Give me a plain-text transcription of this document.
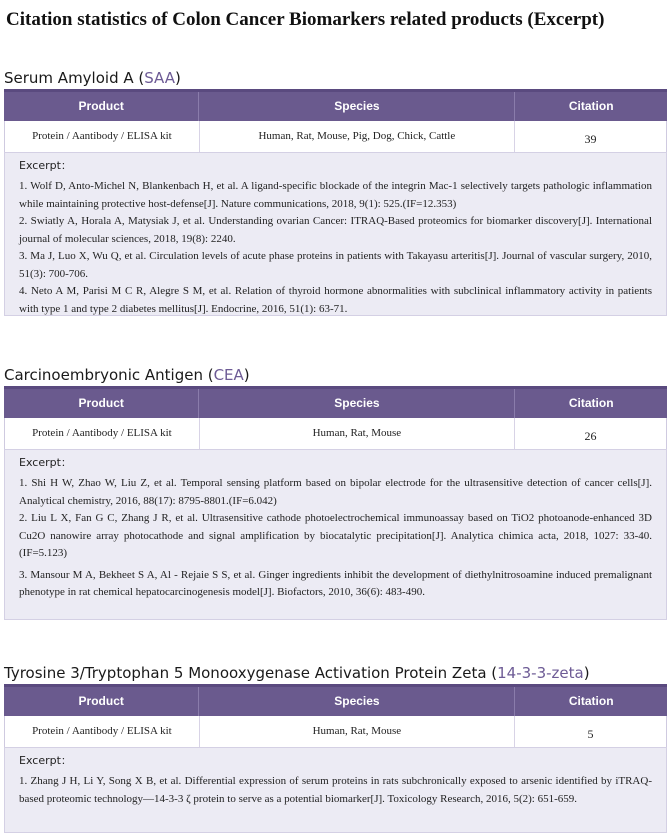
Citation statistics of Colon Cancer Biomarkers related products (Excerpt)
Serum Amyloid A (SAA)
Product	Species	Citation
Protein / Aantibody / ELISA kit	Human, Rat, Mouse, Pig, Dog, Chick, Cattle	39
Excerpt：

1. Wolf D, Anto-Michel N, Blankenbach H, et al. A ligand-specific blockade of the integrin Mac-1 selectively targets pathologic inflammation while maintaining protective host-defense[J]. Nature communications, 2018, 9(1): 525.(IF=12.353)

2. Swiatly A, Horala A, Matysiak J, et al. Understanding ovarian Cancer: ITRAQ-Based proteomics for biomarker discovery[J]. International journal of molecular sciences, 2018, 19(8): 2240.

3. Ma J, Luo X, Wu Q, et al. Circulation levels of acute phase proteins in patients with Takayasu arteritis[J]. Journal of vascular surgery, 2010, 51(3): 700-706.

4. Neto A M, Parisi M C R, Alegre S M, et al. Relation of thyroid hormone abnormalities with subclinical inflammatory activity in patients with type 1 and type 2 diabetes mellitus[J]. Endocrine, 2016, 51(1): 63-71.

Carcinoembryonic Antigen (CEA)
Product	Species	Citation
Protein / Aantibody / ELISA kit	Human, Rat, Mouse	26
Excerpt：

1. Shi H W, Zhao W, Liu Z, et al. Temporal sensing platform based on bipolar electrode for the ultrasensitive detection of cancer cells[J]. Analytical chemistry, 2016, 88(17): 8795-8801.(IF=6.042)

2. Liu L X, Fan G C, Zhang J R, et al. Ultrasensitive cathode photoelectrochemical immunoassay based on TiO2 photoanode-enhanced 3D Cu2O nanowire array photocathode and signal amplification by biocatalytic precipitation[J]. Analytica chimica acta, 2018, 1027: 33-40.(IF=5.123)

3. Mansour M A, Bekheet S A, Al ‑ Rejaie S S, et al. Ginger ingredients inhibit the development of diethylnitrosoamine induced premalignant phenotype in rat chemical hepatocarcinogenesis model[J]. Biofactors, 2010, 36(6): 483-490.

Tyrosine 3/Tryptophan 5 Monooxygenase Activation Protein Zeta (14-3-3-zeta)
Product	Species	Citation
Protein / Aantibody / ELISA kit	Human, Rat, Mouse	5
Excerpt：

1. Zhang J H, Li Y, Song X B, et al. Differential expression of serum proteins in rats subchronically exposed to arsenic identified by iTRAQ-based proteomic technology—14-3-3 ζ protein to serve as a potential biomarker[J]. Toxicology Research, 2016, 5(2): 651-659.
